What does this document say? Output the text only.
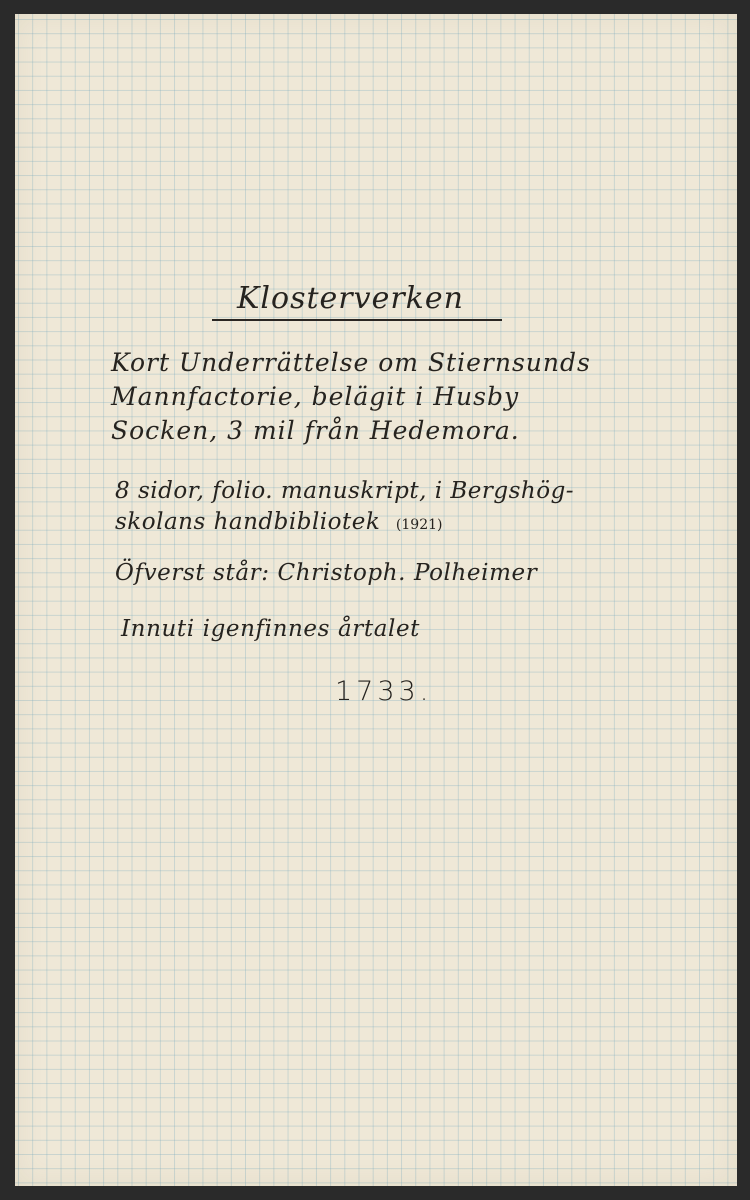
Klosterverken

Kort Underrättelse om Stiernsunds
Mannfactorie, belägit i Husby
Socken, 3 mil från Hedemora.
8 sidor, folio. manuskript, i Bergshög-
skolans handbibliotek (1921)

Öfverst står: Christoph. Polheimer

Innuti igenfinnes årtalet

1733.
